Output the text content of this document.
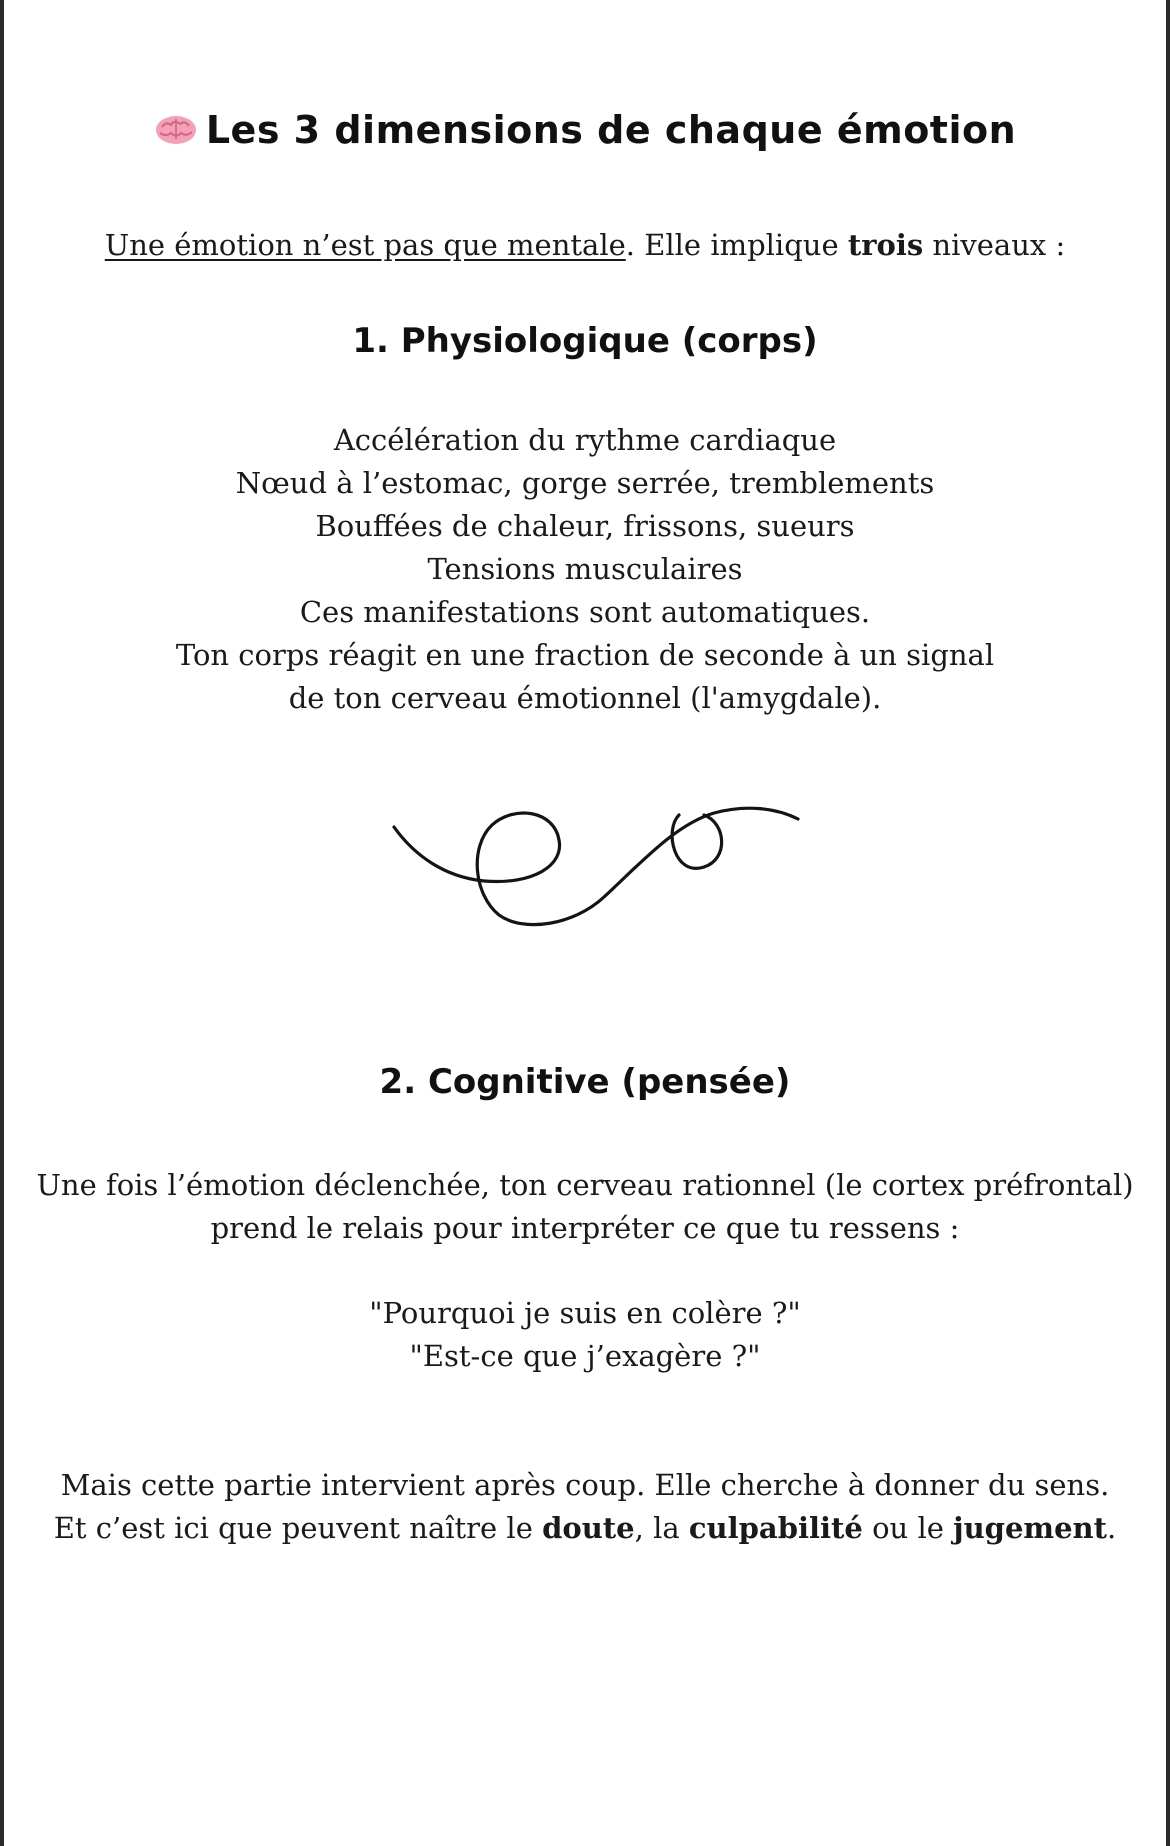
Les 3 dimensions de chaque émotion
Une émotion n’est pas que mentale. Elle implique trois niveaux :
1. Physiologique (corps)
Accélération du rythme cardiaque
Nœud à l’estomac, gorge serrée, tremblements
Bouffées de chaleur, frissons, sueurs
Tensions musculaires
Ces manifestations sont automatiques.
Ton corps réagit en une fraction de seconde à un signal
de ton cerveau émotionnel (l'amygdale).
2. Cognitive (pensée)
Une fois l’émotion déclenchée, ton cerveau rationnel (le cortex préfrontal)
prend le relais pour interpréter ce que tu ressens :
"Pourquoi je suis en colère ?"
"Est-ce que j’exagère ?"
Mais cette partie intervient après coup. Elle cherche à donner du sens.
Et c’est ici que peuvent naître le doute, la culpabilité ou le jugement.
